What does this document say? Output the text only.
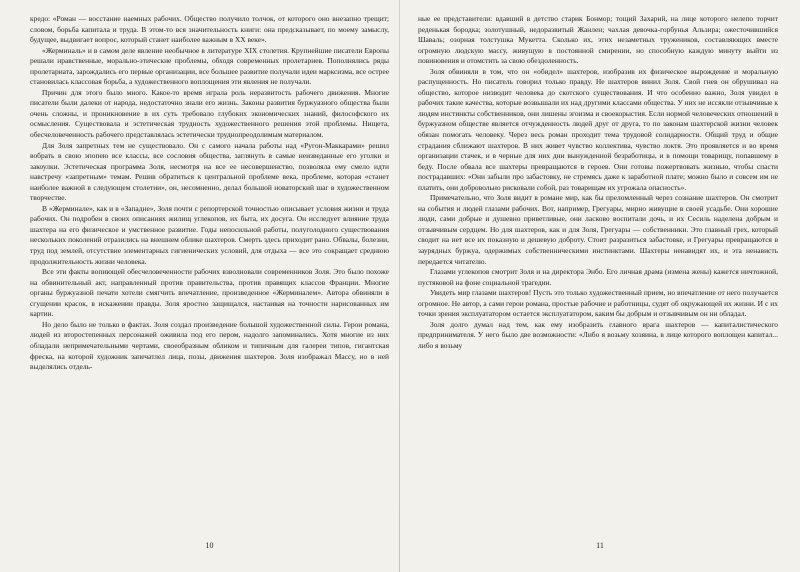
кредо: «Роман — восстание наемных рабочих. Общество получило толчок, от которого оно внезапно трещит; словом, борьба капитала и труда. В этом-то вся значительность книги: она предсказывает, по моему замыслу, будущее, выдвигает вопрос, который станет наиболее важным в XX веке».

«Жерминаль» и в самом деле явление необычное в литературе XIX столетия. Крупнейшие писатели Европы решали нравственные, морально-этические проблемы, обходя современных пролетариев. Пополнялись ряды пролетариата, зарождались его первые организации, все большее развитие получали идеи марксизма, все острее становилась классовая борьба, а художественного воплощения эти явления не получали.

Причин для этого было много. Какое-то время играла роль неразвитость рабочего движения. Многие писатели были далеки от народа, недостаточно знали его жизнь. Законы развития буржуазного общества были очень сложны, и проникновение в их суть требовало глубоких экономических знаний, философского их осмысления. Существовала и эстетическая трудность художественного решения этой проблемы. Нищета, обесчеловеченность рабочего представлялась эстетически труднопреодолимым материалом.

Для Золя запретных тем не существовало. Он с самого начала работы над «Ругон-Маккарами» решил вобрать в свою эпопею все классы, все сословия общества, заглянуть в самые неизведанные его уголки и закоулки. Эстетическая программа Золя, несмотря на все ее несовершенство, позволяла ему смело идти навстречу «запретным» темам. Решив обратиться к центральной проблеме века, проблеме, которая «станет наиболее важной в следующем столетии», он, несомненно, делал большой новаторский шаг в художественном творчестве.

В «Жерминале», как и в «Западне», Золя почти с репортерской точностью описывает условия жизни и труда рабочих. Он подробен в своих описаниях жилищ углекопов, их быта, их досуга. Он исследует влияние труда шахтера на его физическое и умственное развитие. Годы непосильной работы, полуголодного существования нескольких поколений отразились на внешнем облике шахтеров. Смерть здесь приходит рано. Обвалы, болезни, труд под землей, отсутствие элементарных гигиенических условий, для отдыха — все это сокращает среднюю продолжительность жизни человека.

Все эти факты вопиющей обесчеловеченности рабочих взволновали современников Золя. Это было похоже на обвинительный акт, направленный против правительства, против правящих классов Франции. Многие органы буржуазной печати хотели смягчить впечатление, произведенное «Жерминалем». Автора обвиняли в сгущении красок, в искажении правды. Золя яростно защищался, настаивая на точности нарисованных им картин.

Но дело было не только в фактах. Золя создал произведение большой художественной силы. Герои романа, людей из второстепенных персонажей оживила под его пером, надолго запоминались. Хотя многие из них обладали непримечательными чертами, своеобразным обликом и типичным для галереи типов, гигантская фреска, на которой художник запечатлел лица, позы, движения шахтеров. Золя изображал Массу, но в ней выделялись отдель-

10

ные ее представители: вдавший в детство старик Бонмор; тощий Захарий, на лице которого нелепо торчит реденькая бородка; золотушный, недоразвитый Жанлен; чахлая девочка-горбунья Альзира; ожесточившийся Шаваль; озорная толстушка Мукетта. Сколько их, этих незаметных тружеников, составляющих вместе огромную людскую массу, живущую в постоянной смирении, но способную каждую минуту выйти из повиновения и отомстить за свою обездоленность.

Золя обвиняли в том, что он «обидел» шахтеров, изобразив их физическое вырождение и моральную распущенность. Но писатель говорил только правду. Не шахтеров винил Золя. Свой гнев он обрушивал на общество, которое низводит человека до скотского существования. И что особенно важно, Золя увидел в рабочих такие качества, которые возвышали их над другими классами общества. У них не иссякли отзывчивые к людям инстинкты собственников, они лишены эгоизма и своекорыстия. Если нормой человеческих отношений в буржуазном обществе является отчужденность людей друг от друга, то по законам шахтерской жизни человек обязан помогать человеку. Через весь роман проходит тема трудовой солидарности. Общий труд и общие страдания сближают шахтеров. В них живет чувство коллектива, чувство локтя. Это проявляется и во время организации стачек, и в черные для них дни вынужденной безработицы, и в помощи товарищу, попавшему в беду. После обвала все шахтеры превращаются в героев. Они готовы пожертвовать жизнью, чтобы спасти пострадавших: «Они забыли про забастовку, не стремясь даже к заработной плате; можно было и совсем им не платить, они добровольно рисковали собой, раз товарищам их угрожала опасность».

Примечательно, что Золя видит в романе мир, как бы преломленный через сознание шахтеров. Он смотрит на события и людей глазами рабочих. Вот, например, Грегуары, мирно живущие в своей усадьбе. Они хорошие люди, сами добрые и душевно приветливые, они ласково воспитали дочь, и их Сесиль наделена добрым и отзывчивым сердцем. Но для шахтеров, как и для Золя, Грегуары — собственники. Это главный грех, который сводит на нет все их показную и дешевую доброту. Стоит разразиться забастовке, и Грегуары превращаются в заурядных буржуа, одержимых собственническими инстинктами. Шахтеры ненавидят их, и эта ненависть передается читателю.

Глазами углекопов смотрит Золя и на директора Энбо. Его личная драма (измена жены) кажется ничтожной, пустяковой на фоне социальной трагедии.

Увидеть мир глазами шахтеров! Пусть это только художественный прием, но впечатление от него получается огромное. Не автор, а сами герои романа, простые рабочие и работницы, судят об окружающей их жизни. И с их точки зрения эксплуататором остается эксплуататором, каким бы добрым и отзывчивым он ни обладал.

Золя долго думал над тем, как ему изобразить главного врага шахтеров — капиталистического предпринимателя. У него было две возможности: «Либо я возьму хозяина, в лице которого воплощен капитал... либо я возьму

11
